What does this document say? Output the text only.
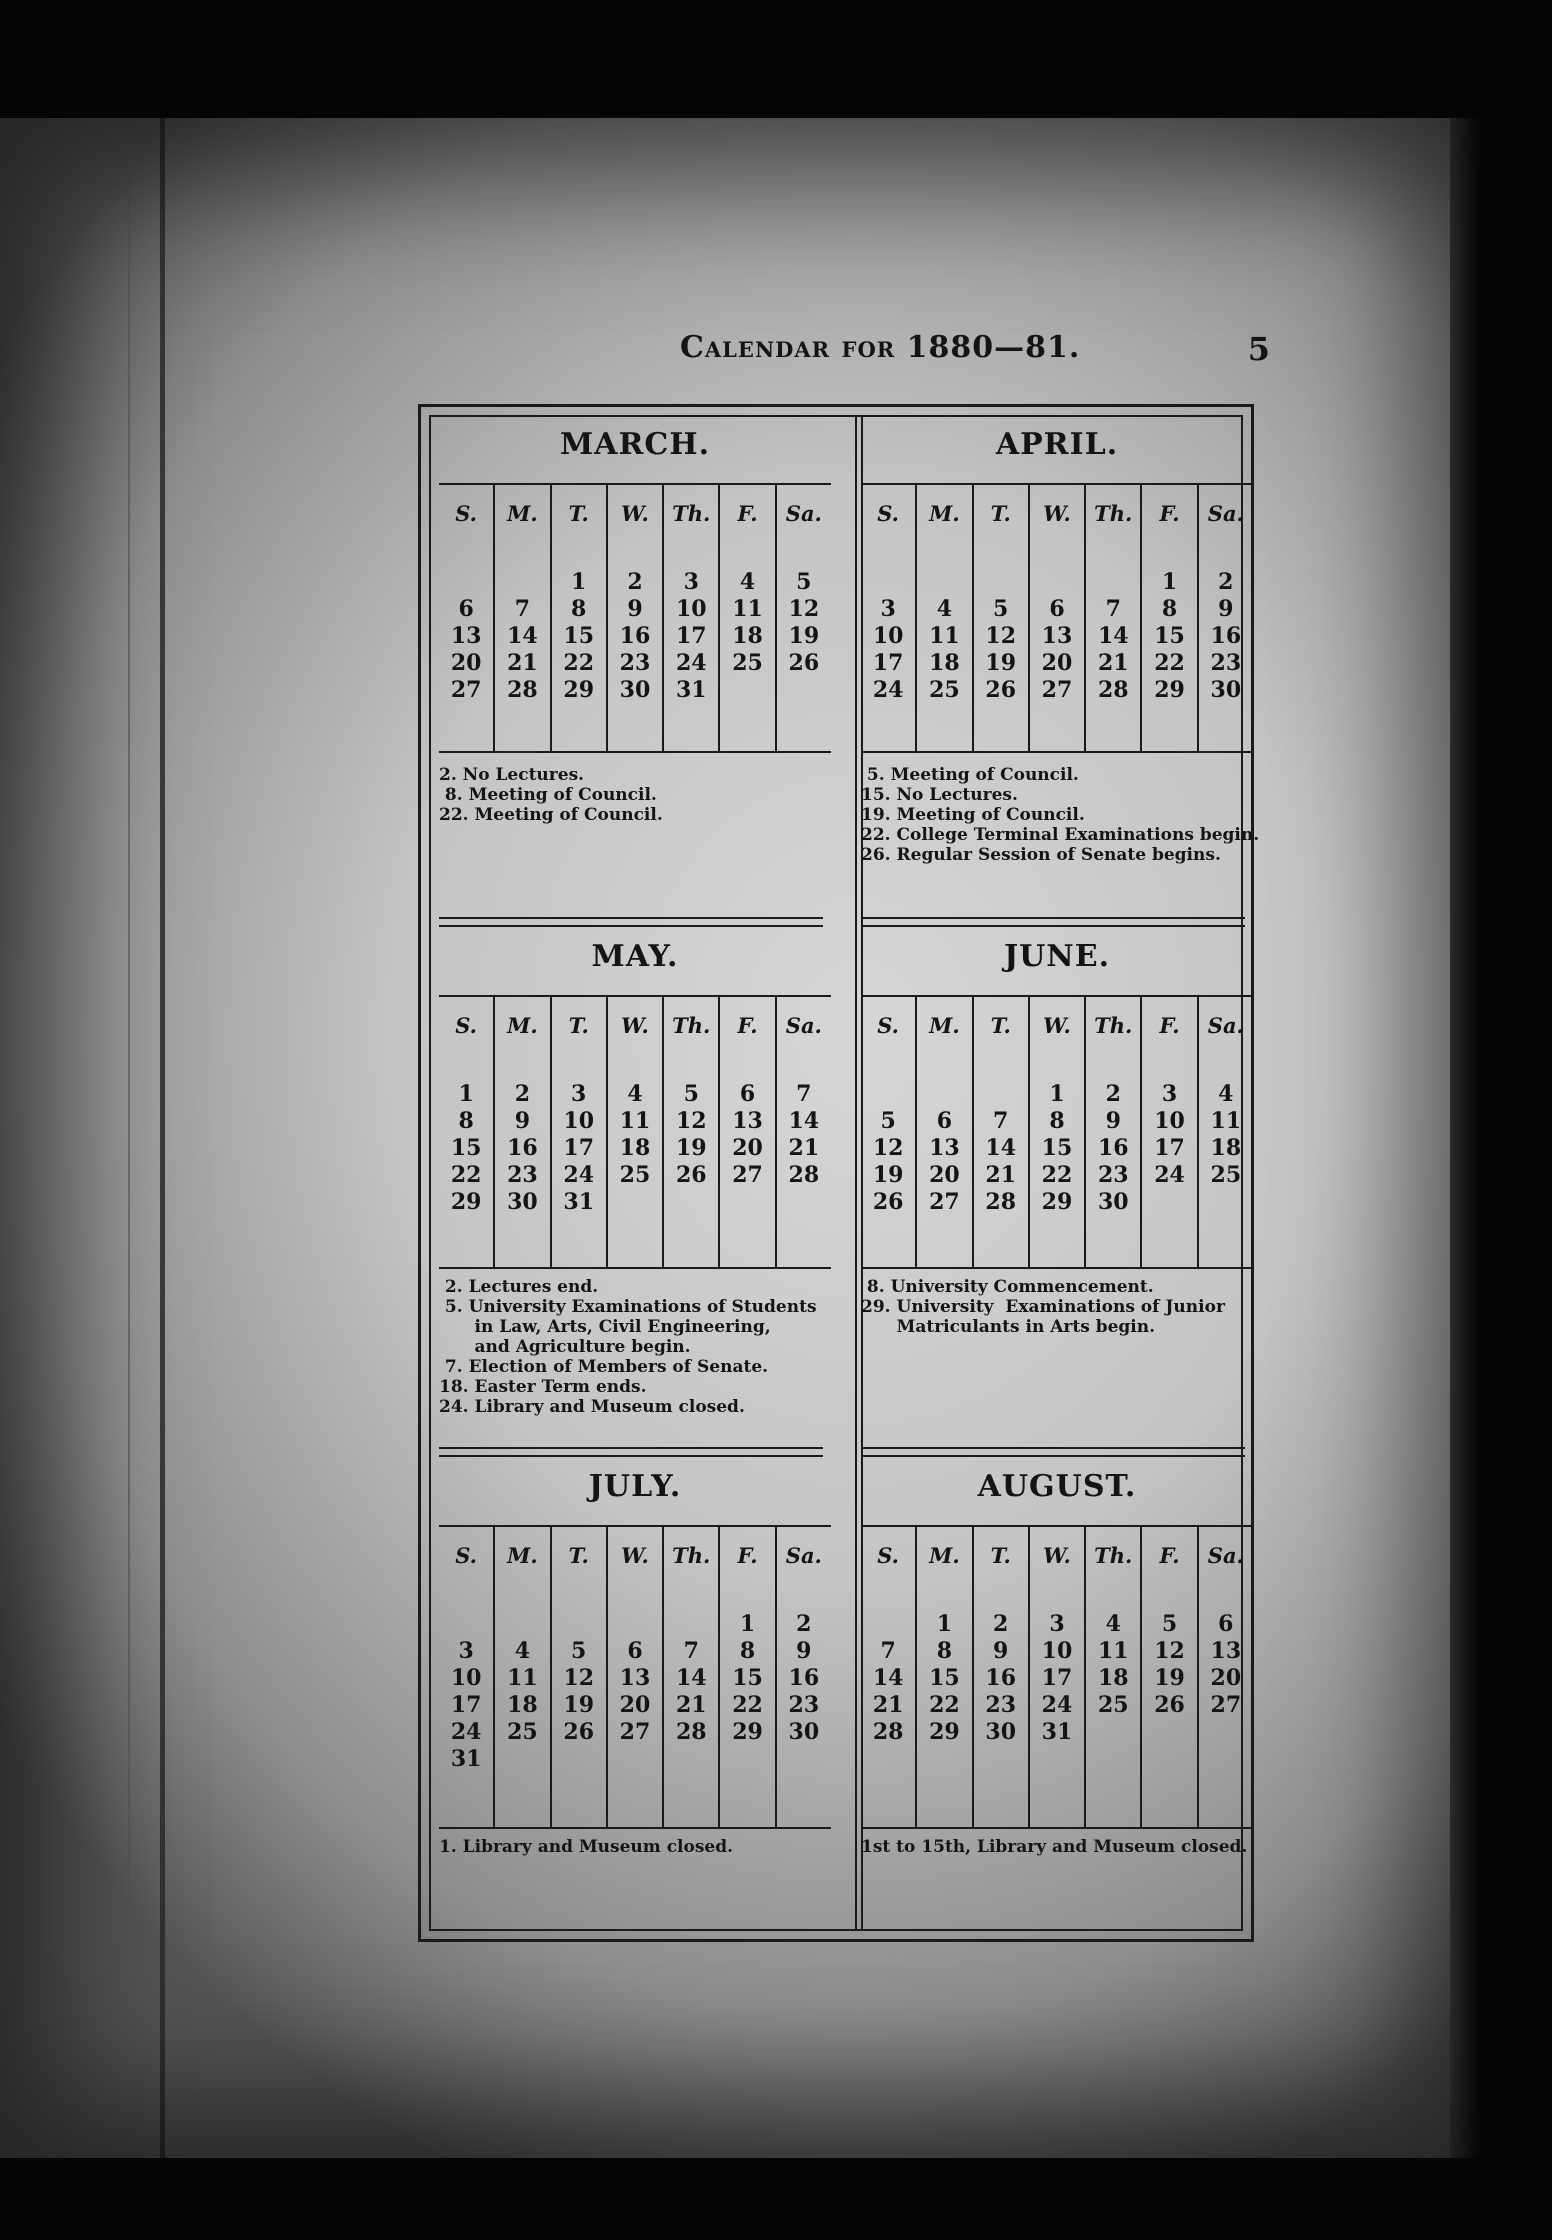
Calendar for 1880—81.	5
MARCH.
S.
6
13
20
27
M.
7
14
21
28
T.
1
8
15
22
29
W.
2
9
16
23
30
Th.
3
10
17
24
31
F.
4
11
18
25
Sa.
5
12
19
26
2. No Lectures.
8. Meeting of Council.
22. Meeting of Council.
APRIL.
S.
3
10
17
24
M.
4
11
18
25
T.
5
12
19
26
W.
6
13
20
27
Th.
7
14
21
28
F.
1
8
15
22
29
Sa.
2
9
16
23
30
5. Meeting of Council.
15. No Lectures.
19. Meeting of Council.
22. College Terminal Examinations begin.
26. Regular Session of Senate begins.
MAY.
S.
1
8
15
22
29
M.
2
9
16
23
30
T.
3
10
17
24
31
W.
4
11
18
25
Th.
5
12
19
26
F.
6
13
20
27
Sa.
7
14
21
28
2. Lectures end.
5. University Examinations of Students
in Law, Arts, Civil Engineering,
and Agriculture begin.
7. Election of Members of Senate.
18. Easter Term ends.
24. Library and Museum closed.
JUNE.
S.
5
12
19
26
M.
6
13
20
27
T.
7
14
21
28
W.
1
8
15
22
29
Th.
2
9
16
23
30
F.
3
10
17
24
Sa.
4
11
18
25
8. University Commencement.
29. University  Examinations of Junior
Matriculants in Arts begin.
JULY.
S.
3
10
17
24
31
M.
4
11
18
25
T.
5
12
19
26
W.
6
13
20
27
Th.
7
14
21
28
F.
1
8
15
22
29
Sa.
2
9
16
23
30
1. Library and Museum closed.
AUGUST.
S.
7
14
21
28
M.
1
8
15
22
29
T.
2
9
16
23
30
W.
3
10
17
24
31
Th.
4
11
18
25
F.
5
12
19
26
Sa.
6
13
20
27
1st to 15th, Library and Museum closed.
